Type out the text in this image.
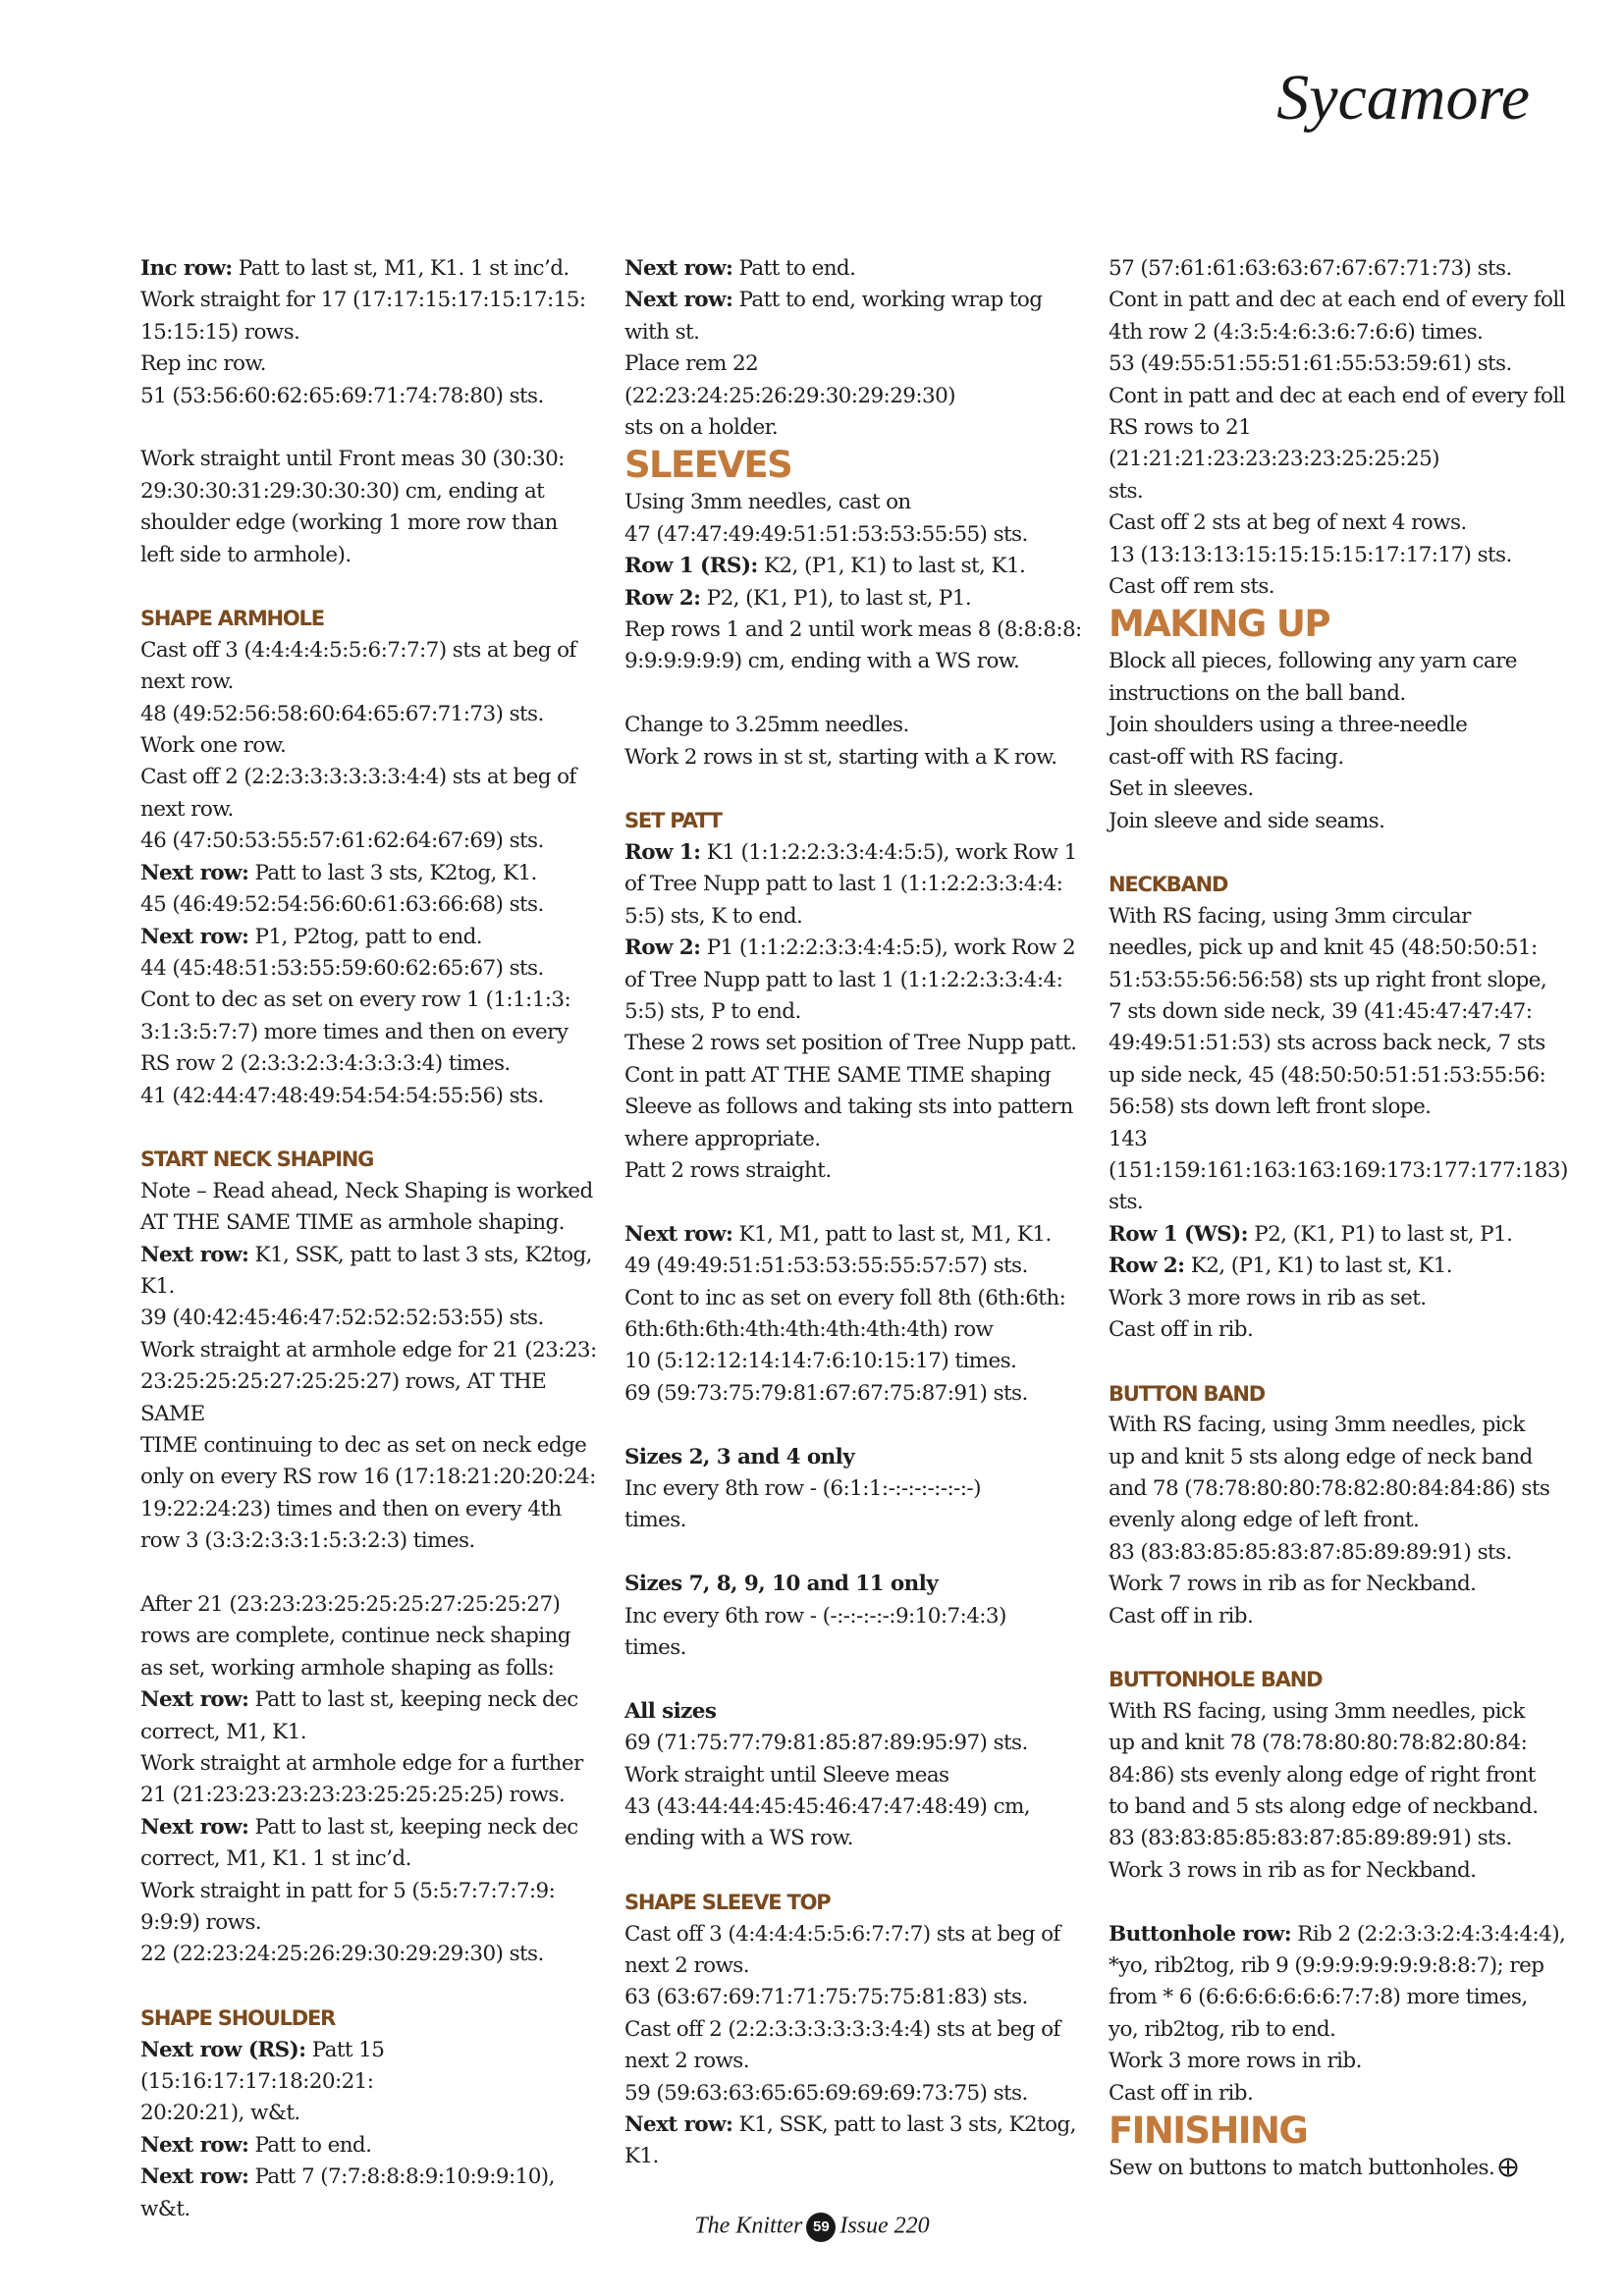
Sycamore

Inc row: Patt to last st, M1, K1. 1 st inc’d.

Work straight for 17 (17:17:15:17:15:17:15:

15:15:15) rows.

Rep inc row.

51 (53:56:60:62:65:69:71:74:78:80) sts.

Work straight until Front meas 30 (30:30:

29:30:30:31:29:30:30:30) cm, ending at

shoulder edge (working 1 more row than

left side to armhole).

SHAPE ARMHOLE

Cast off 3 (4:4:4:4:5:5:6:7:7:7) sts at beg of

next row.

48 (49:52:56:58:60:64:65:67:71:73) sts.

Work one row.

Cast off 2 (2:2:3:3:3:3:3:3:4:4) sts at beg of

next row.

46 (47:50:53:55:57:61:62:64:67:69) sts.

Next row: Patt to last 3 sts, K2tog, K1.

45 (46:49:52:54:56:60:61:63:66:68) sts.

Next row: P1, P2tog, patt to end.

44 (45:48:51:53:55:59:60:62:65:67) sts.

Cont to dec as set on every row 1 (1:1:1:3:

3:1:3:5:7:7) more times and then on every

RS row 2 (2:3:3:2:3:4:3:3:3:4) times.

41 (42:44:47:48:49:54:54:54:55:56) sts.

START NECK SHAPING

Note – Read ahead, Neck Shaping is worked

AT THE SAME TIME as armhole shaping.

Next row: K1, SSK, patt to last 3 sts, K2tog,

K1.

39 (40:42:45:46:47:52:52:52:53:55) sts.

Work straight at armhole edge for 21 (23:23:

23:25:25:25:27:25:25:27) rows, AT THE SAME

TIME continuing to dec as set on neck edge

only on every RS row 16 (17:18:21:20:20:24:

19:22:24:23) times and then on every 4th

row 3 (3:3:2:3:3:1:5:3:2:3) times.

After 21 (23:23:23:25:25:25:27:25:25:27)

rows are complete, continue neck shaping

as set, working armhole shaping as folls:

Next row: Patt to last st, keeping neck dec

correct, M1, K1.

Work straight at armhole edge for a further

21 (21:23:23:23:23:23:25:25:25:25) rows.

Next row: Patt to last st, keeping neck dec

correct, M1, K1. 1 st inc’d.

Work straight in patt for 5 (5:5:7:7:7:7:9:

9:9:9) rows.

22 (22:23:24:25:26:29:30:29:29:30) sts.

SHAPE SHOULDER

Next row (RS): Patt 15 (15:16:17:17:18:20:21:

20:20:21), w&t.

Next row: Patt to end.

Next row: Patt 7 (7:7:8:8:8:9:10:9:9:10),

w&t.

Next row: Patt to end.

Next row: Patt to end, working wrap tog

with st.

Place rem 22 (22:23:24:25:26:29:30:29:29:30)

sts on a holder.

SLEEVES

Using 3mm needles, cast on

47 (47:47:49:49:51:51:53:53:55:55) sts.

Row 1 (RS): K2, (P1, K1) to last st, K1.

Row 2: P2, (K1, P1), to last st, P1.

Rep rows 1 and 2 until work meas 8 (8:8:8:8:

9:9:9:9:9:9) cm, ending with a WS row.

Change to 3.25mm needles.

Work 2 rows in st st, starting with a K row.

SET PATT

Row 1: K1 (1:1:2:2:3:3:4:4:5:5), work Row 1

of Tree Nupp patt to last 1 (1:1:2:2:3:3:4:4:

5:5) sts, K to end.

Row 2: P1 (1:1:2:2:3:3:4:4:5:5), work Row 2

of Tree Nupp patt to last 1 (1:1:2:2:3:3:4:4:

5:5) sts, P to end.

These 2 rows set position of Tree Nupp patt.

Cont in patt AT THE SAME TIME shaping

Sleeve as follows and taking sts into pattern

where appropriate.

Patt 2 rows straight.

Next row: K1, M1, patt to last st, M1, K1.

49 (49:49:51:51:53:53:55:55:57:57) sts.

Cont to inc as set on every foll 8th (6th:6th:

6th:6th:6th:4th:4th:4th:4th:4th) row

10 (5:12:12:14:14:7:6:10:15:17) times.

69 (59:73:75:79:81:67:67:75:87:91) sts.

Sizes 2, 3 and 4 only

Inc every 8th row - (6:1:1:-:-:-:-:-:-:-)

times.

Sizes 7, 8, 9, 10 and 11 only

Inc every 6th row - (-:-:-:-:-:9:10:7:4:3)

times.

All sizes

69 (71:75:77:79:81:85:87:89:95:97) sts.

Work straight until Sleeve meas

43 (43:44:44:45:45:46:47:47:48:49) cm,

ending with a WS row.

SHAPE SLEEVE TOP

Cast off 3 (4:4:4:4:5:5:6:7:7:7) sts at beg of

next 2 rows.

63 (63:67:69:71:71:75:75:75:81:83) sts.

Cast off 2 (2:2:3:3:3:3:3:3:4:4) sts at beg of

next 2 rows.

59 (59:63:63:65:65:69:69:69:73:75) sts.

Next row: K1, SSK, patt to last 3 sts, K2tog,

K1.

57 (57:61:61:63:63:67:67:67:71:73) sts.

Cont in patt and dec at each end of every foll

4th row 2 (4:3:5:4:6:3:6:7:6:6) times.

53 (49:55:51:55:51:61:55:53:59:61) sts.

Cont in patt and dec at each end of every foll

RS rows to 21 (21:21:21:23:23:23:23:25:25:25)

sts.

Cast off 2 sts at beg of next 4 rows.

13 (13:13:13:15:15:15:15:17:17:17) sts.

Cast off rem sts.

MAKING UP

Block all pieces, following any yarn care

instructions on the ball band.

Join shoulders using a three-needle

cast-off with RS facing.

Set in sleeves.

Join sleeve and side seams.

NECKBAND

With RS facing, using 3mm circular

needles, pick up and knit 45 (48:50:50:51:

51:53:55:56:56:58) sts up right front slope,

7 sts down side neck, 39 (41:45:47:47:47:

49:49:51:51:53) sts across back neck, 7 sts

up side neck, 45 (48:50:50:51:51:53:55:56:

56:58) sts down left front slope.

143 (151:159:161:163:163:169:173:177:177:183)

sts.

Row 1 (WS): P2, (K1, P1) to last st, P1.

Row 2: K2, (P1, K1) to last st, K1.

Work 3 more rows in rib as set.

Cast off in rib.

BUTTON BAND

With RS facing, using 3mm needles, pick

up and knit 5 sts along edge of neck band

and 78 (78:78:80:80:78:82:80:84:84:86) sts

evenly along edge of left front.

83 (83:83:85:85:83:87:85:89:89:91) sts.

Work 7 rows in rib as for Neckband.

Cast off in rib.

BUTTONHOLE BAND

With RS facing, using 3mm needles, pick

up and knit 78 (78:78:80:80:78:82:80:84:

84:86) sts evenly along edge of right front

to band and 5 sts along edge of neckband.

83 (83:83:85:85:83:87:85:89:89:91) sts.

Work 3 rows in rib as for Neckband.

Buttonhole row: Rib 2 (2:2:3:3:2:4:3:4:4:4),

*yo, rib2tog, rib 9 (9:9:9:9:9:9:9:8:8:7); rep

from * 6 (6:6:6:6:6:6:6:7:7:8) more times,

yo, rib2tog, rib to end.

Work 3 more rows in rib.

Cast off in rib.

FINISHING

Sew on buttons to match buttonholes.

The Knitter 59 Issue 220
